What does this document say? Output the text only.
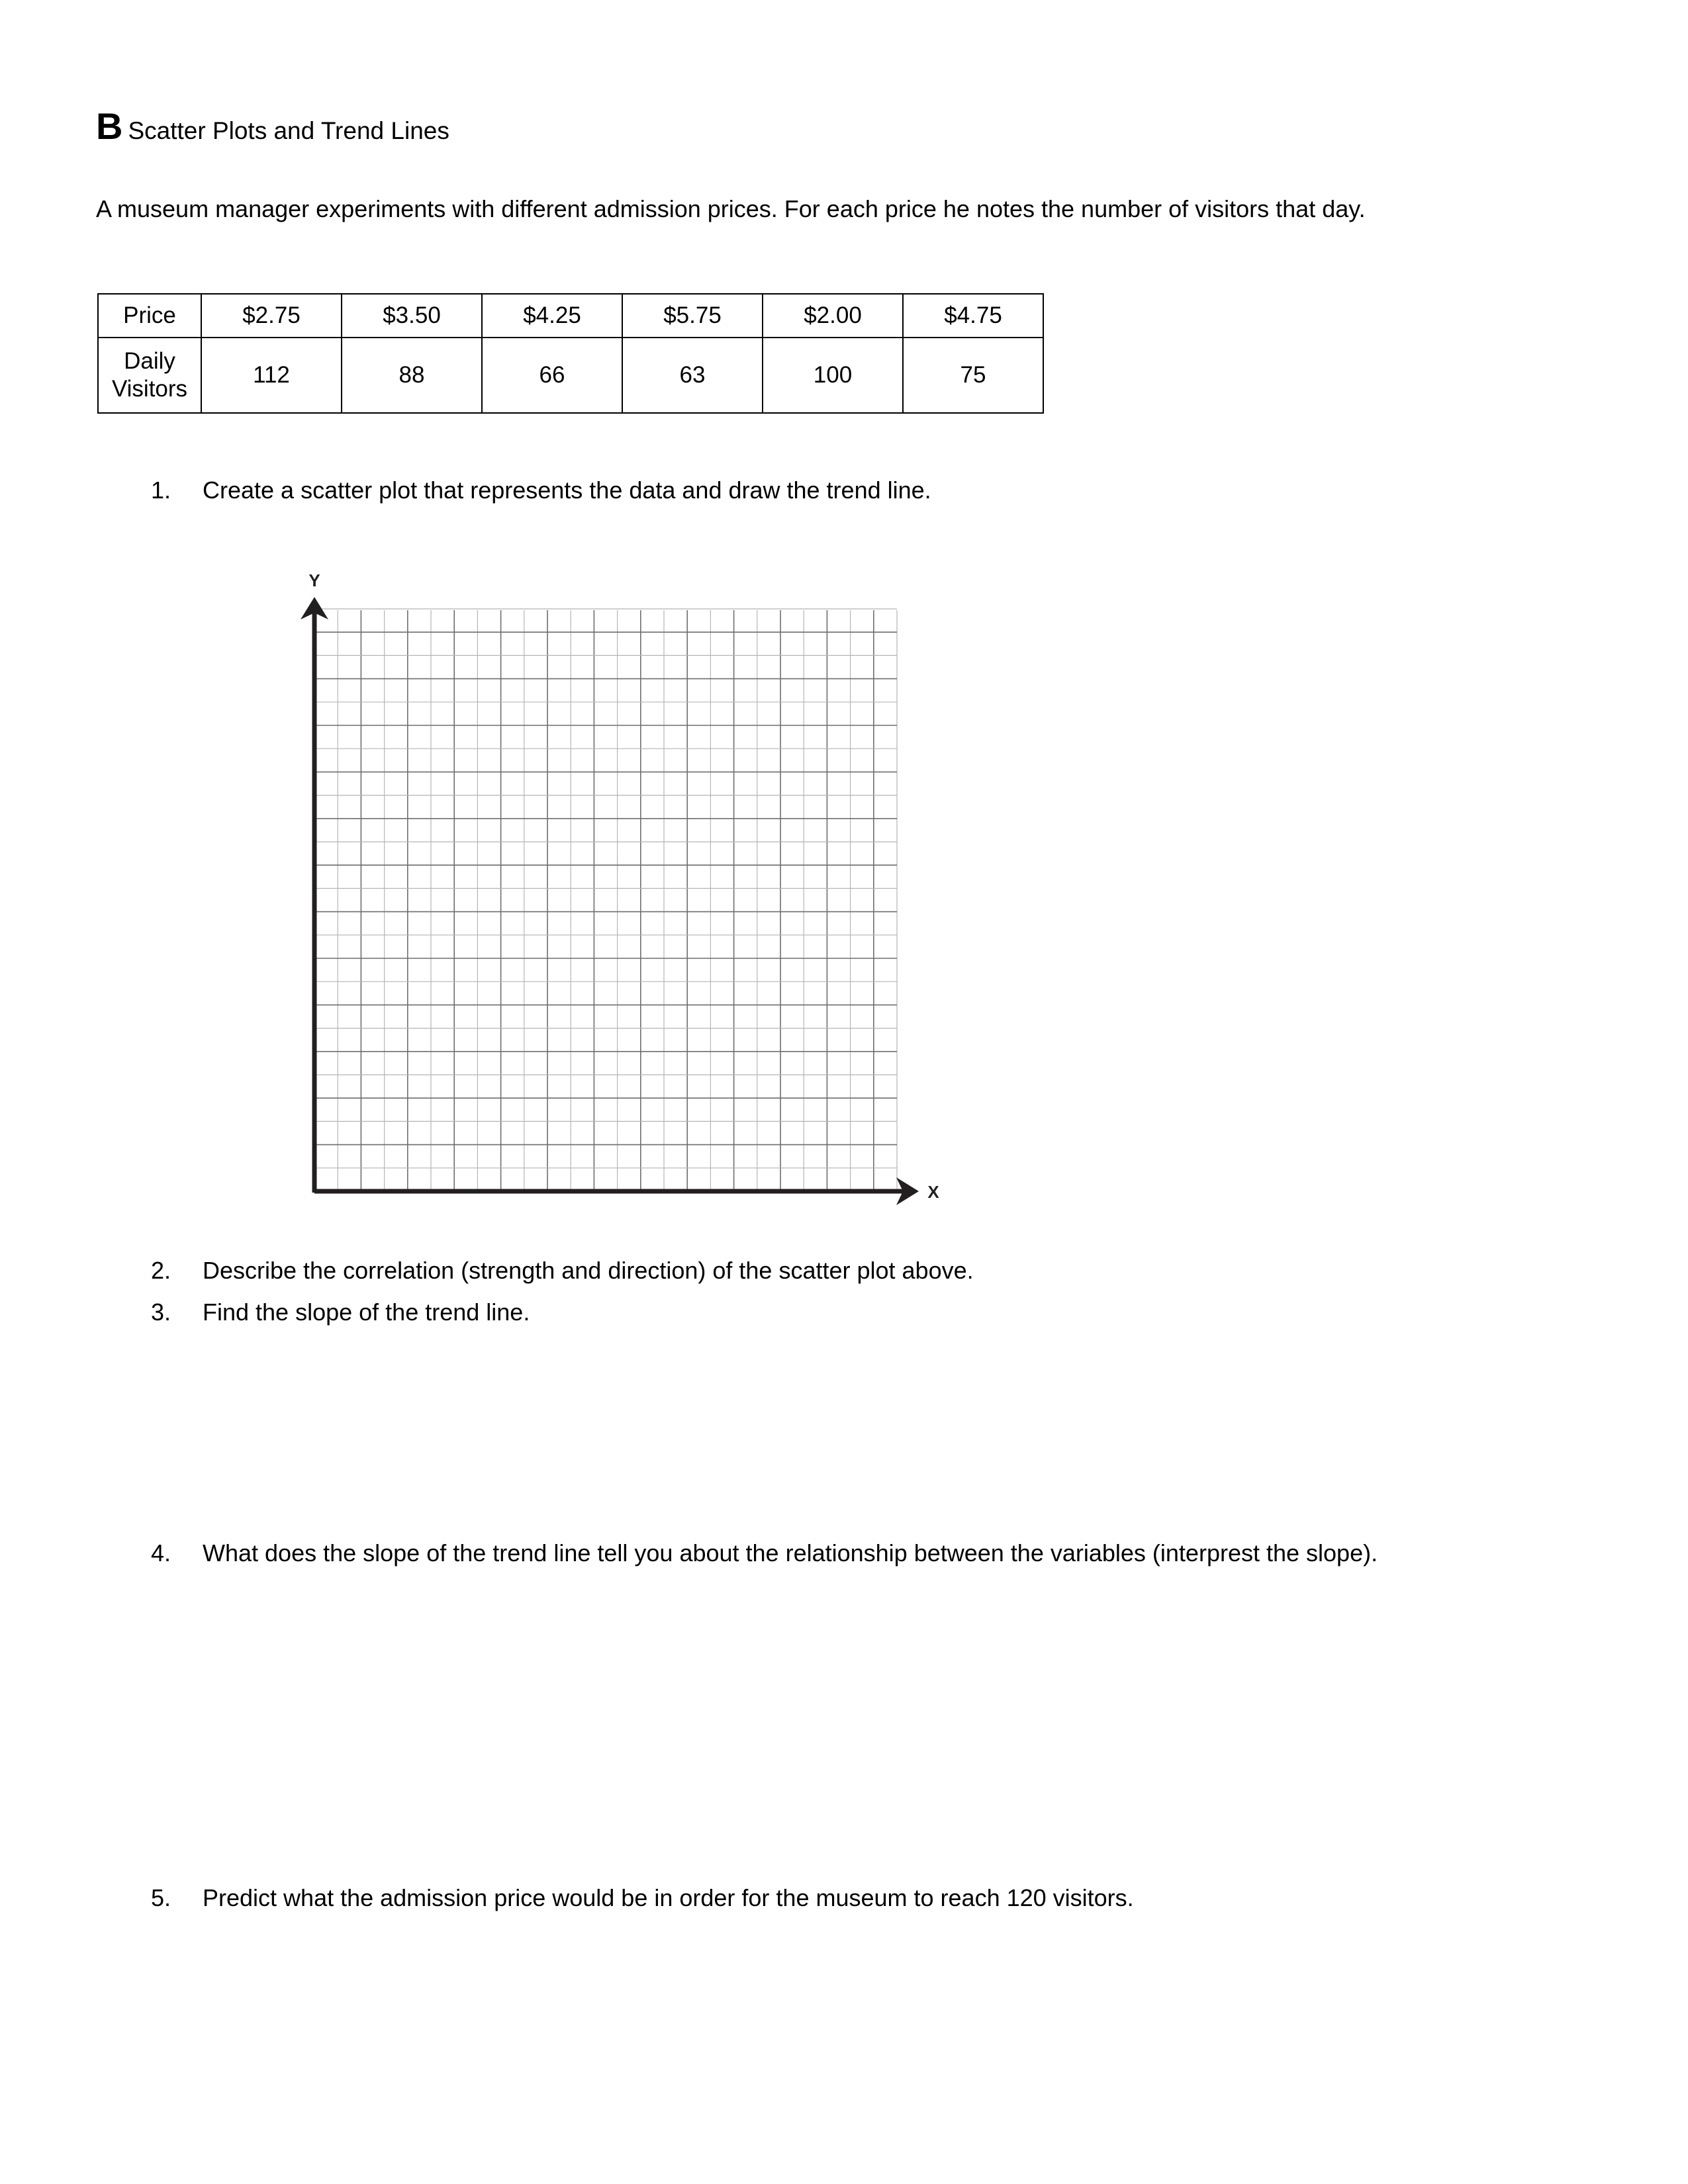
B Scatter Plots and Trend Lines
A museum manager experiments with different admission prices. For each price he notes the number of visitors that day.
Price	$2.75	$3.50	$4.25	$5.75	$2.00	$4.75

Daily
Visitors	112	88	66	63	100	75
1.	Create a scatter plot that represents the data and draw the trend line.
Y
X
2.	Describe the correlation (strength and direction) of the scatter plot above.
3.	Find the slope of the trend line.
4.	What does the slope of the trend line tell you about the relationship between the variables (interprest the slope).
5.	Predict what the admission price would be in order for the museum to reach 120 visitors.
